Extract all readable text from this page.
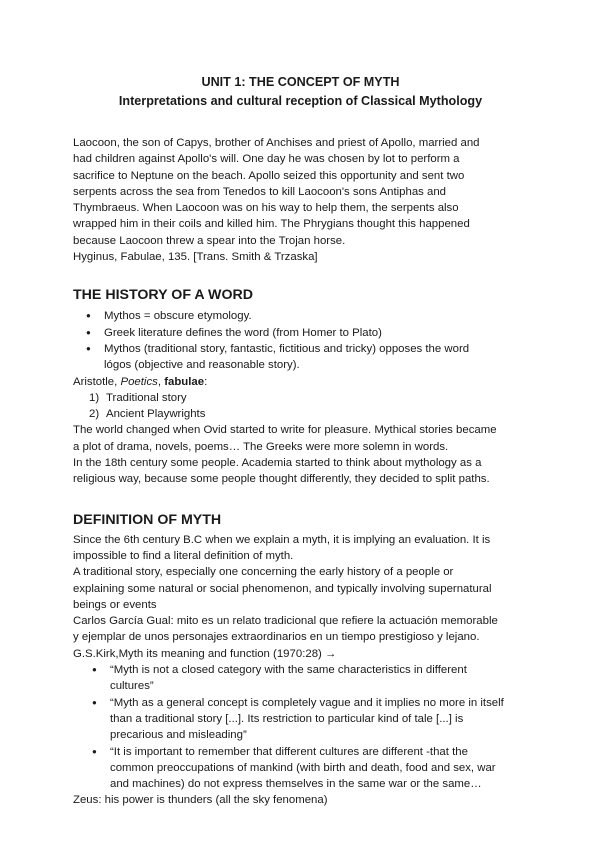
UNIT 1: THE CONCEPT OF MYTH
Interpretations and cultural reception of Classical Mythology

Laocoon, the son of Capys, brother of Anchises and priest of Apollo, married and

had children against Apollo's will. One day he was chosen by lot to perform a

sacrifice to Neptune on the beach. Apollo seized this opportunity and sent two

serpents across the sea from Tenedos to kill Laocoon's sons Antiphas and

Thymbraeus. When Laocoon was on his way to help them, the serpents also

wrapped him in their coils and killed him. The Phrygians thought this happened

because Laocoon threw a spear into the Trojan horse.

Hyginus, Fabulae, 135. [Trans. Smith & Trzaska]

THE HISTORY OF A WORD
● Mythos = obscure etymology.
● Greek literature defines the word (from Homer to Plato)
● Mythos (traditional story, fantastic, fictitious and tricky) opposes the word
lógos (objective and reasonable story).

Aristotle, Poetics, fabulae:

1) Traditional story
2) Ancient Playwrights

The world changed when Ovid started to write for pleasure. Mythical stories became

a plot of drama, novels, poems… The Greeks were more solemn in words.

In the 18th century some people. Academia started to think about mythology as a

religious way, because some people thought differently, they decided to split paths.

DEFINITION OF MYTH

Since the 6th century B.C when we explain a myth, it is implying an evaluation. It is

impossible to find a literal definition of myth.

A traditional story, especially one concerning the early history of a people or

explaining some natural or social phenomenon, and typically involving supernatural

beings or events

Carlos García Gual: mito es un relato tradicional que refiere la actuación memorable

y ejemplar de unos personajes extraordinarios en un tiempo prestigioso y lejano.

G.S.Kirk,Myth its meaning and function (1970:28) →

● “Myth is not a closed category with the same characteristics in different
cultures”
● “Myth as a general concept is completely vague and it implies no more in itself
than a traditional story [...]. Its restriction to particular kind of tale [...] is
precarious and misleading”
● “It is important to remember that different cultures are different -that the
common preoccupations of mankind (with birth and death, food and sex, war
and machines) do not express themselves in the same war or the same…

Zeus: his power is thunders (all the sky fenomena)
